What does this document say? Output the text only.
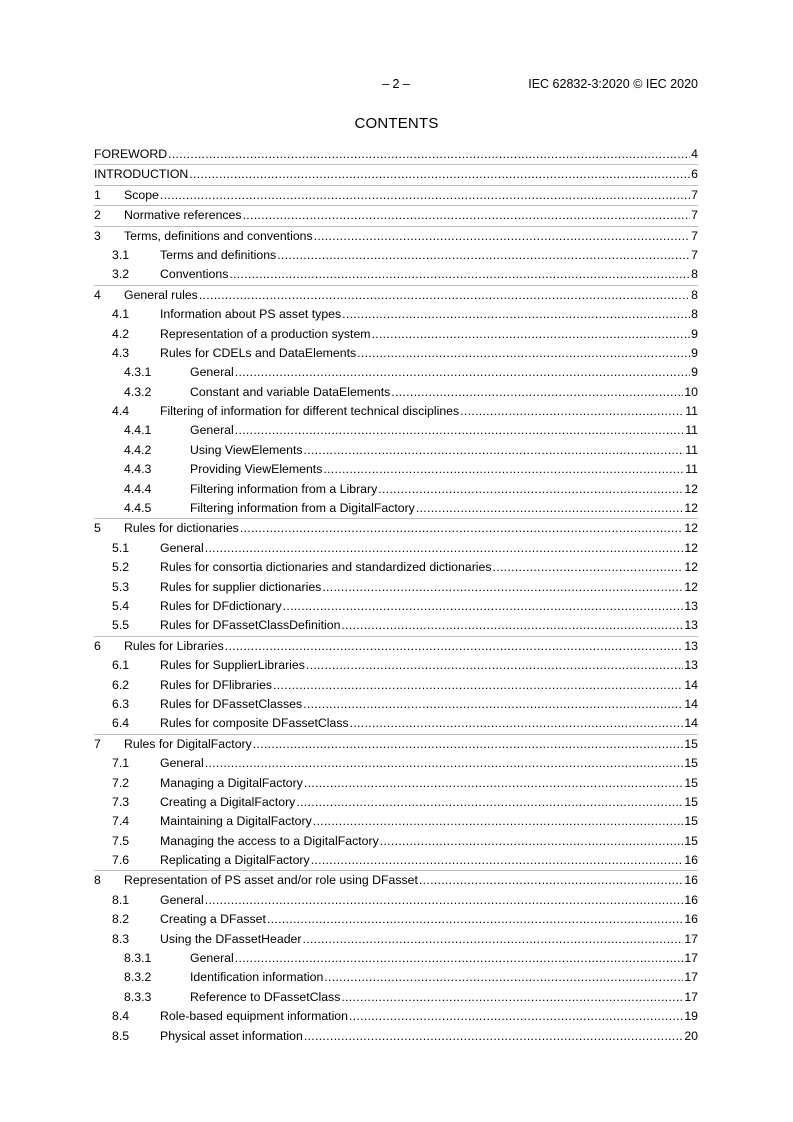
– 2 –	IEC 62832-3:2020 © IEC 2020
CONTENTS
FOREWORD .....	4
INTRODUCTION .....	6
1	Scope .....	7
2	Normative references .....	7
3	Terms, definitions and conventions .....	7
3.1	Terms and definitions .....	7
3.2	Conventions .....	8
4	General rules .....	8
4.1	Information about PS asset types .....	8
4.2	Representation of a production system .....	9
4.3	Rules for CDELs and DataElements .....	9
4.3.1	General .....	9
4.3.2	Constant and variable DataElements .....	10
4.4	Filtering of information for different technical disciplines .....	11
4.4.1	General .....	11
4.4.2	Using ViewElements .....	11
4.4.3	Providing ViewElements .....	11
4.4.4	Filtering information from a Library .....	12
4.4.5	Filtering information from a DigitalFactory .....	12
5	Rules for dictionaries .....	12
5.1	General .....	12
5.2	Rules for consortia dictionaries and standardized dictionaries .....	12
5.3	Rules for supplier dictionaries .....	12
5.4	Rules for DFdictionary .....	13
5.5	Rules for DFassetClassDefinition .....	13
6	Rules for Libraries .....	13
6.1	Rules for SupplierLibraries .....	13
6.2	Rules for DFlibraries .....	14
6.3	Rules for DFassetClasses .....	14
6.4	Rules for composite DFassetClass .....	14
7	Rules for DigitalFactory .....	15
7.1	General .....	15
7.2	Managing a DigitalFactory .....	15
7.3	Creating a DigitalFactory .....	15
7.4	Maintaining a DigitalFactory .....	15
7.5	Managing the access to a DigitalFactory .....	15
7.6	Replicating a DigitalFactory .....	16
8	Representation of PS asset and/or role using DFasset .....	16
8.1	General .....	16
8.2	Creating a DFasset .....	16
8.3	Using the DFassetHeader .....	17
8.3.1	General .....	17
8.3.2	Identification information .....	17
8.3.3	Reference to DFassetClass .....	17
8.4	Role-based equipment information .....	19
8.5	Physical asset information .....	20
